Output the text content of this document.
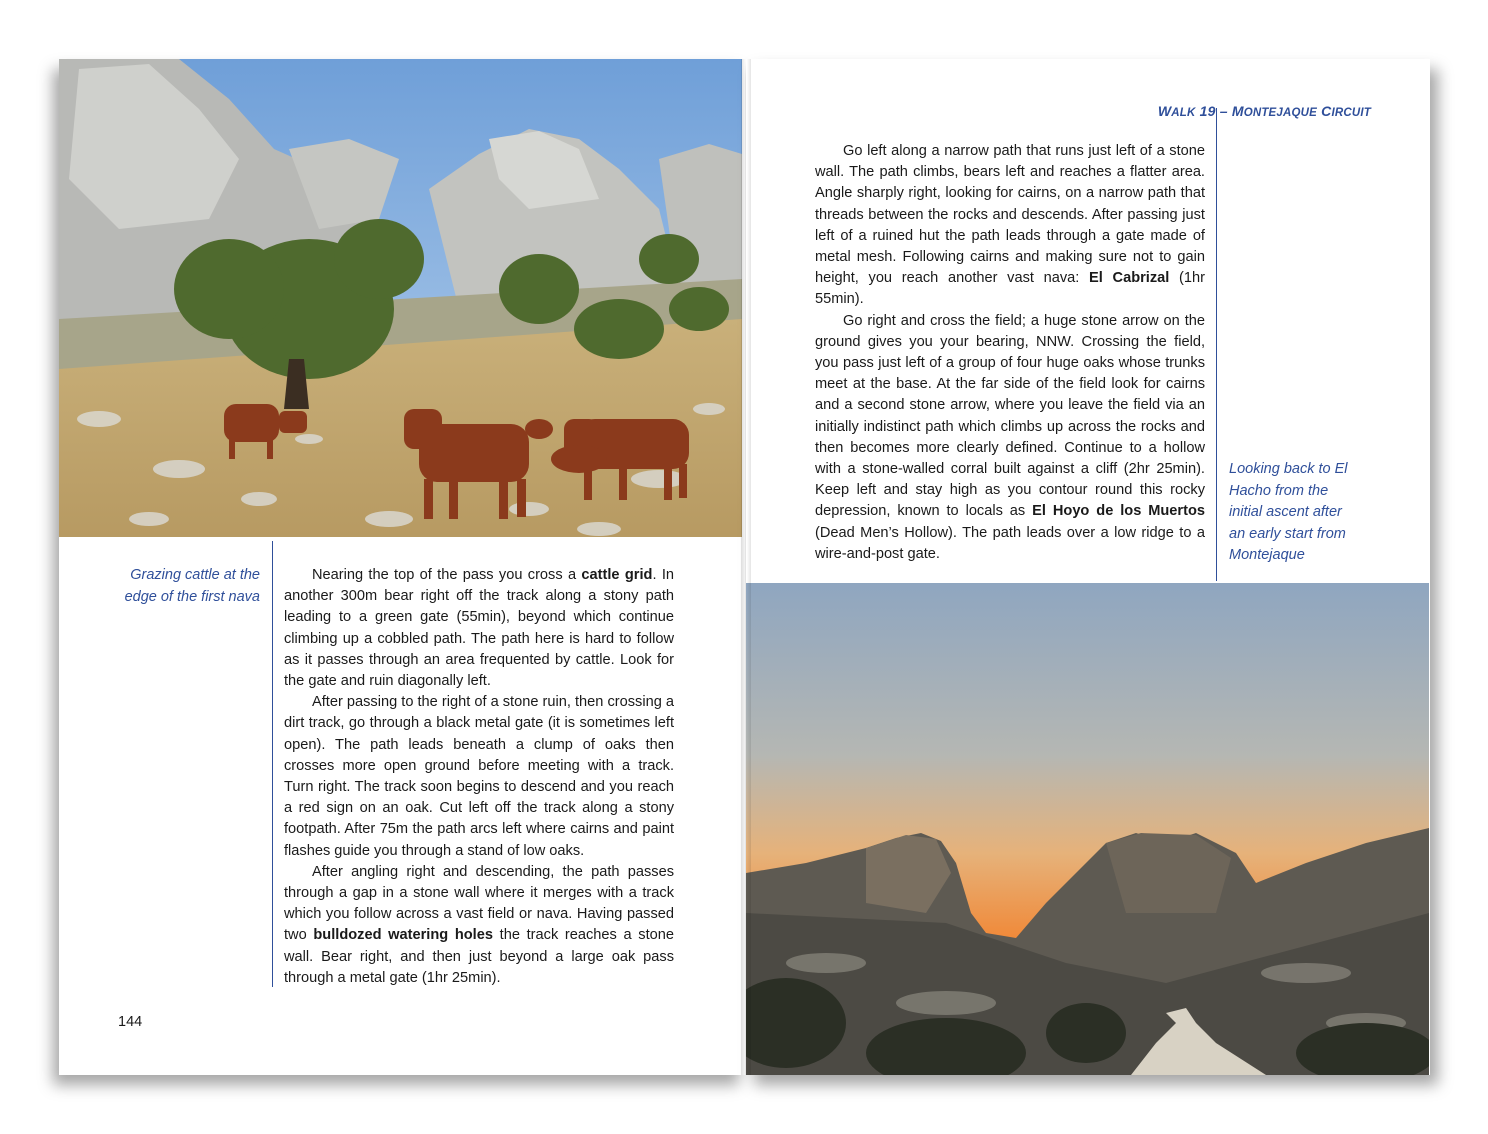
Grazing cattle at the edge of the first nava

Nearing the top of the pass you cross a cattle grid. In another 300m bear right off the track along a stony path leading to a green gate (55min), beyond which continue climbing up a cobbled path. The path here is hard to follow as it passes through an area frequented by cattle. Look for the gate and ruin diagonally left.

After passing to the right of a stone ruin, then crossing a dirt track, go through a black metal gate (it is sometimes left open). The path leads beneath a clump of oaks then crosses more open ground before meeting with a track. Turn right. The track soon begins to descend and you reach a red sign on an oak. Cut left off the track along a stony footpath. After 75m the path arcs left where cairns and paint flashes guide you through a stand of low oaks.

After angling right and descending, the path passes through a gap in a stone wall where it merges with a track which you follow across a vast field or nava. Having passed two bulldozed watering holes the track reaches a stone wall. Bear right, and then just beyond a large oak pass through a metal gate (1hr 25min).

144
WALK 19 – MONTEJAQUE CIRCUIT

Go left along a narrow path that runs just left of a stone wall. The path climbs, bears left and reaches a flatter area. Angle sharply right, looking for cairns, on a narrow path that threads between the rocks and descends. After passing just left of a ruined hut the path leads through a gate made of metal mesh. Following cairns and making sure not to gain height, you reach another vast nava: El Cabrizal (1hr 55min).

Go right and cross the field; a huge stone arrow on the ground gives you your bearing, NNW. Crossing the field, you pass just left of a group of four huge oaks whose trunks meet at the base. At the far side of the field look for cairns and a second stone arrow, where you leave the field via an initially indistinct path which climbs up across the rocks and then becomes more clearly defined. Continue to a hollow with a stone-walled corral built against a cliff (2hr 25min). Keep left and stay high as you contour round this rocky depression, known to locals as El Hoyo de los Muertos (Dead Men’s Hollow). The path leads over a low ridge to a wire-and-post gate.

Looking back to El Hacho from the initial ascent after an early start from Montejaque
